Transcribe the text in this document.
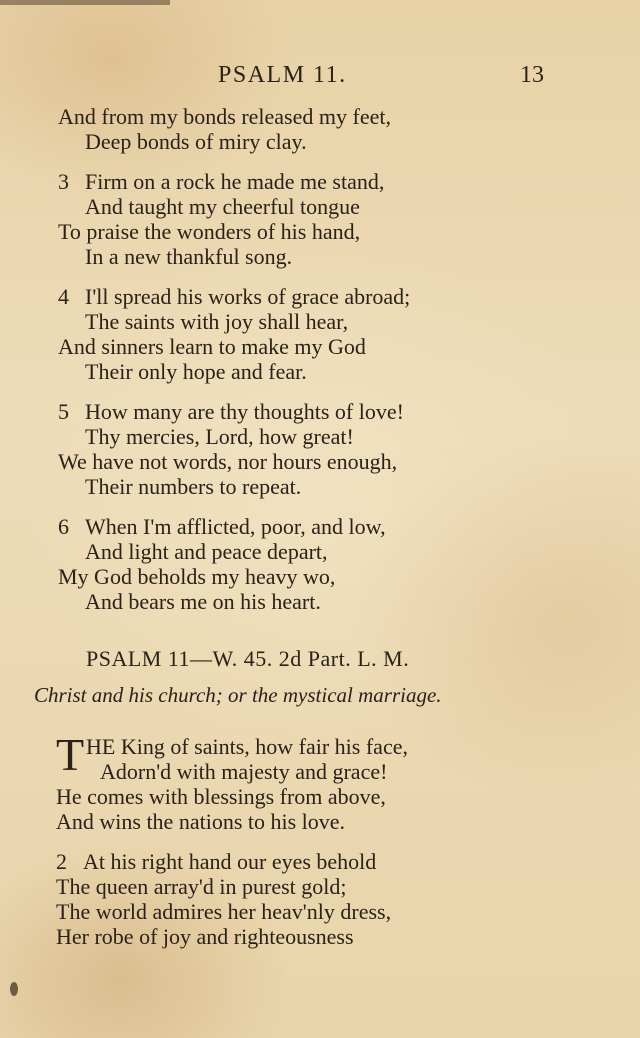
PSALM 11.	13
And from my bonds released my feet,
Deep bonds of miry clay.
3 Firm on a rock he made me stand,
And taught my cheerful tongue
To praise the wonders of his hand,
In a new thankful song.
4 I'll spread his works of grace abroad;
The saints with joy shall hear,
And sinners learn to make my God
Their only hope and fear.
5 How many are thy thoughts of love!
Thy mercies, Lord, how great!
We have not words, nor hours enough,
Their numbers to repeat.
6 When I'm afflicted, poor, and low,
And light and peace depart,
My God beholds my heavy wo,
And bears me on his heart.
PSALM 11—W. 45. 2d Part. L. M.
Christ and his church; or the mystical marriage.
T HE King of saints, how fair his face,
Adorn'd with majesty and grace!
He comes with blessings from above,
And wins the nations to his love.
2 At his right hand our eyes behold
The queen array'd in purest gold;
The world admires her heav'nly dress,
Her robe of joy and righteousness
